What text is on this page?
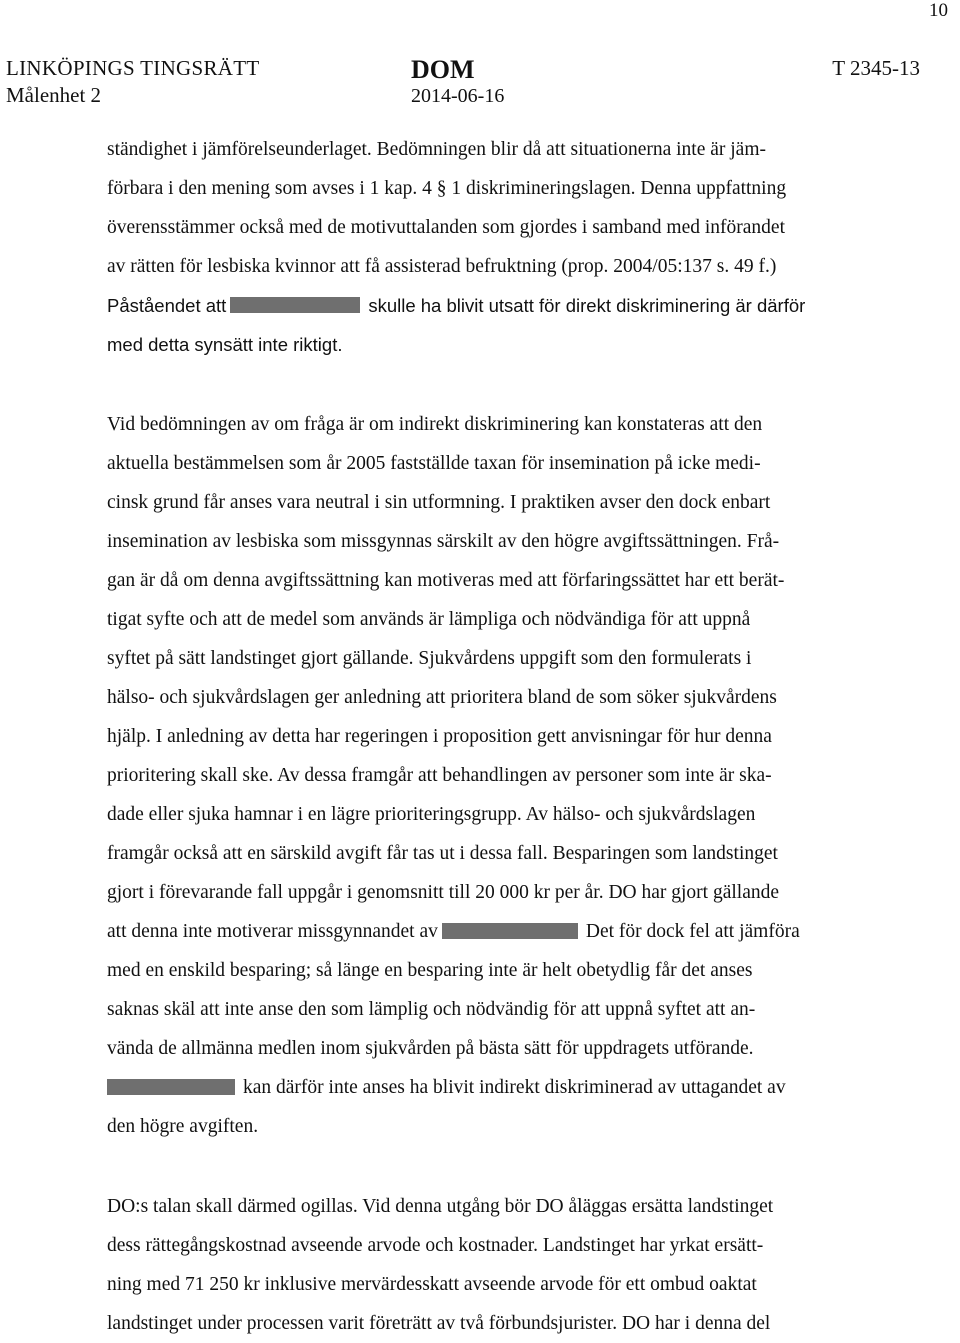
10
LINKÖPINGS TINGSRÄTT
Målenhet 2
DOM
2014-06-16
T 2345-13
ständighet i jämförelseunderlaget. Bedömningen blir då att situationerna inte är jäm-
förbara i den mening som avses i 1 kap. 4 § 1 diskrimineringslagen. Denna uppfattning
överensstämmer också med de motivuttalanden som gjordes i samband med införandet
av rätten för lesbiska kvinnor att få assisterad befruktning (prop. 2004/05:137 s. 49 f.)
Påståendet att	skulle ha blivit utsatt för direkt diskriminering är därför
med detta synsätt inte riktigt.
Vid bedömningen av om fråga är om indirekt diskriminering kan konstateras att den
aktuella bestämmelsen som år 2005 fastställde taxan för insemination på icke medi-
cinsk grund får anses vara neutral i sin utformning. I praktiken avser den dock enbart
insemination av lesbiska som missgynnas särskilt av den högre avgiftssättningen. Frå-
gan är då om denna avgiftssättning kan motiveras med att förfaringssättet har ett berät-
tigat syfte och att de medel som används är lämpliga och nödvändiga för att uppnå
syftet på sätt landstinget gjort gällande. Sjukvårdens uppgift som den formulerats i
hälso- och sjukvårdslagen ger anledning att prioritera bland de som söker sjukvårdens
hjälp. I anledning av detta har regeringen i proposition gett anvisningar för hur denna
prioritering skall ske. Av dessa framgår att behandlingen av personer som inte är ska-
dade eller sjuka hamnar i en lägre prioriteringsgrupp. Av hälso- och sjukvårdslagen
framgår också att en särskild avgift får tas ut i dessa fall. Besparingen som landstinget
gjort i förevarande fall uppgår i genomsnitt till 20 000 kr per år. DO har gjort gällande
att denna inte motiverar missgynnandet av	Det för dock fel att jämföra
med en enskild besparing; så länge en besparing inte är helt obetydlig får det anses
saknas skäl att inte anse den som lämplig och nödvändig för att uppnå syftet att an-
vända de allmänna medlen inom sjukvården på bästa sätt för uppdragets utförande.
kan därför inte anses ha blivit indirekt diskriminerad av uttagandet av
den högre avgiften.
DO:s talan skall därmed ogillas. Vid denna utgång bör DO åläggas ersätta landstinget
dess rättegångskostnad avseende arvode och kostnader. Landstinget har yrkat ersätt-
ning med 71 250 kr inklusive mervärdesskatt avseende arvode för ett ombud oaktat
landstinget under processen varit företrätt av två förbundsjurister. DO har i denna del
